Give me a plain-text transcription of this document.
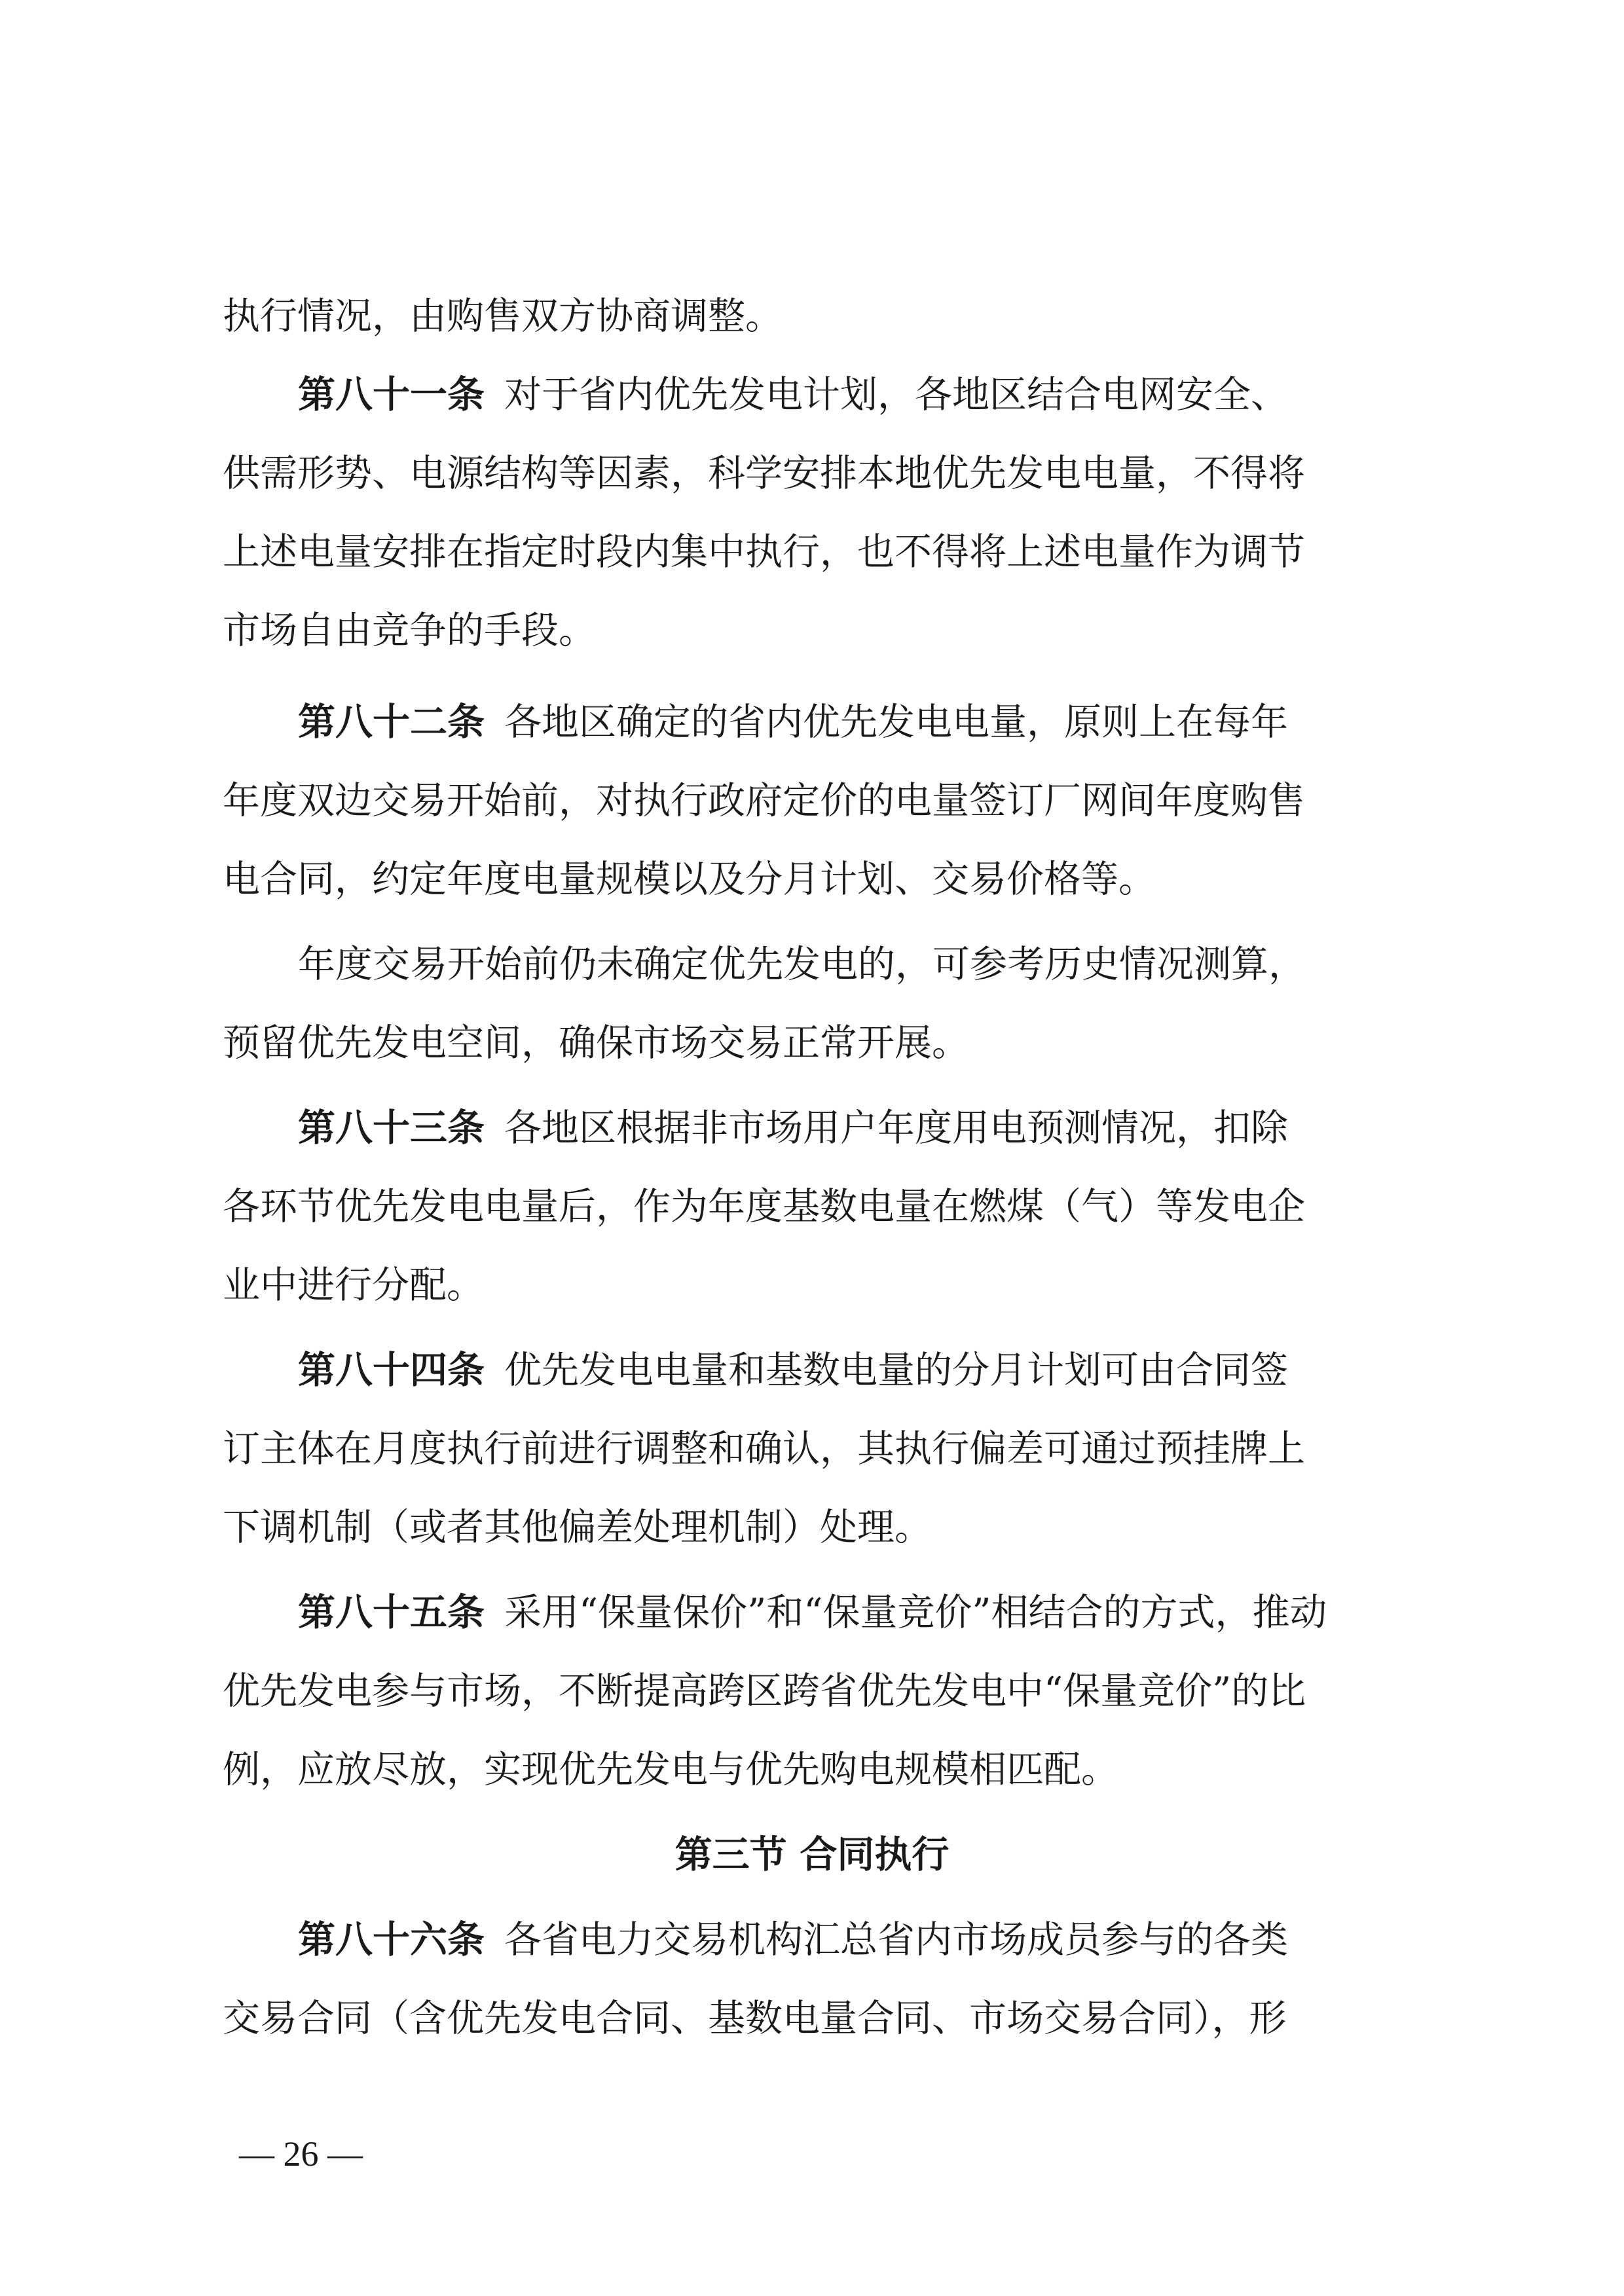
执行情况，由购售双方协商调整。
第八十一条 对于省内优先发电计划，各地区结合电网安全、
供需形势、电源结构等因素，科学安排本地优先发电电量，不得将
上述电量安排在指定时段内集中执行，也不得将上述电量作为调节
市场自由竞争的手段。
第八十二条 各地区确定的省内优先发电电量，原则上在每年
年度双边交易开始前，对执行政府定价的电量签订厂网间年度购售
电合同，约定年度电量规模以及分月计划、交易价格等。
年度交易开始前仍未确定优先发电的，可参考历史情况测算，
预留优先发电空间，确保市场交易正常开展。
第八十三条 各地区根据非市场用户年度用电预测情况，扣除
各环节优先发电电量后，作为年度基数电量在燃煤（气）等发电企
业中进行分配。
第八十四条 优先发电电量和基数电量的分月计划可由合同签
订主体在月度执行前进行调整和确认，其执行偏差可通过预挂牌上
下调机制（或者其他偏差处理机制）处理。
第八十五条 采用“保量保价”和“保量竞价”相结合的方式，推动
优先发电参与市场，不断提高跨区跨省优先发电中“保量竞价”的比
例，应放尽放，实现优先发电与优先购电规模相匹配。
第三节 合同执行
第八十六条 各省电力交易机构汇总省内市场成员参与的各类
交易合同（含优先发电合同、基数电量合同、市场交易合同），形
— 26 —
